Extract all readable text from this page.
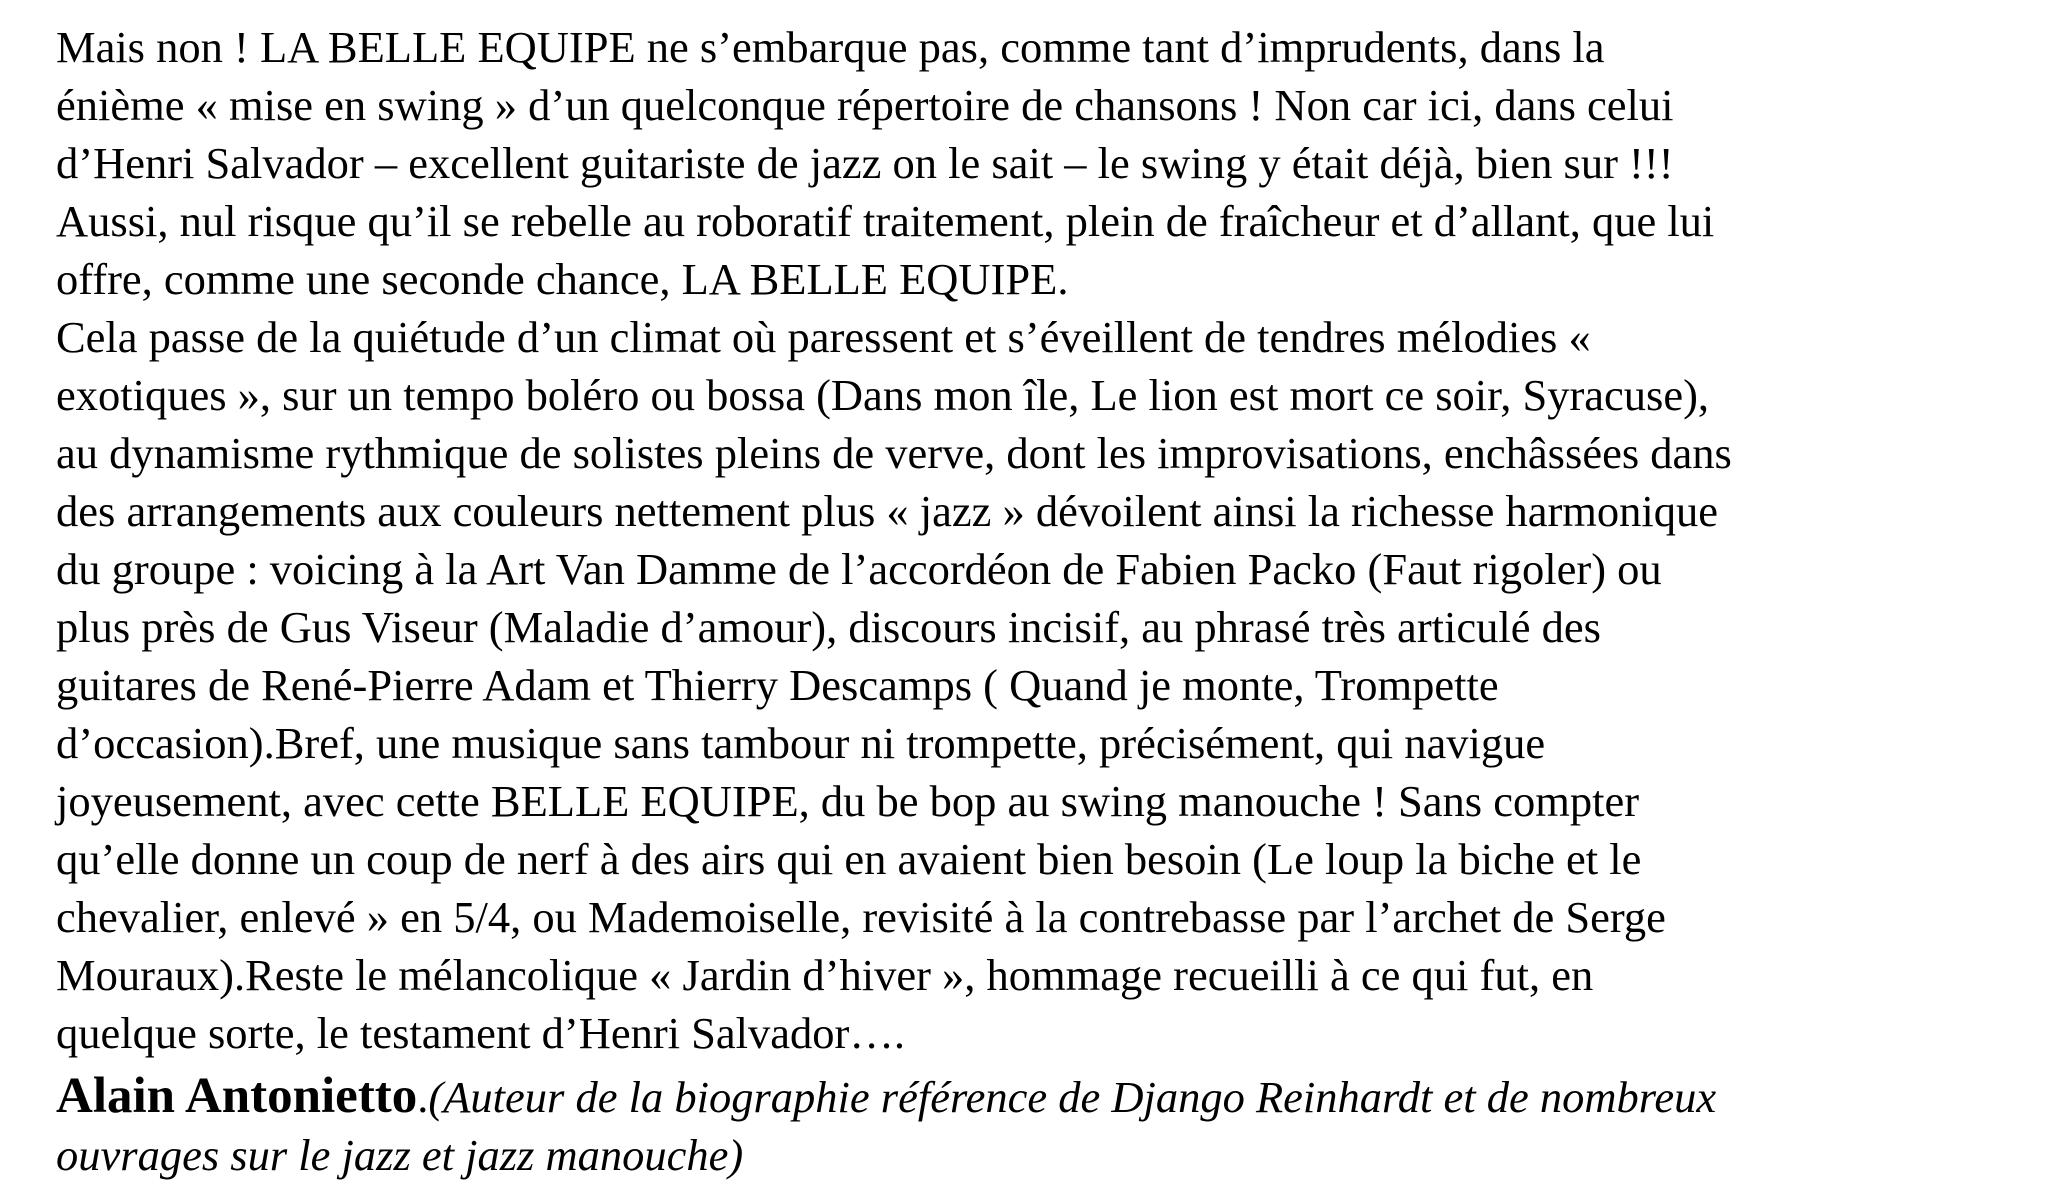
Mais non ! LA BELLE EQUIPE ne s’embarque pas, comme tant d’imprudents, dans la
énième « mise en swing » d’un quelconque répertoire de chansons ! Non car ici, dans celui
d’Henri Salvador – excellent guitariste de jazz on le sait – le swing y était déjà, bien sur !!!
Aussi, nul risque qu’il se rebelle au roboratif traitement, plein de fraîcheur et d’allant, que lui
offre, comme une seconde chance, LA BELLE EQUIPE.
Cela passe de la quiétude d’un climat où paressent et s’éveillent de tendres mélodies «
exotiques », sur un tempo boléro ou bossa (Dans mon île, Le lion est mort ce soir, Syracuse),
au dynamisme rythmique de solistes pleins de verve, dont les improvisations, enchâssées dans
des arrangements aux couleurs nettement plus « jazz » dévoilent ainsi la richesse harmonique
du groupe : voicing à la Art Van Damme de l’accordéon de Fabien Packo (Faut rigoler) ou
plus près de Gus Viseur (Maladie d’amour), discours incisif, au phrasé très articulé des
guitares de René-Pierre Adam et Thierry Descamps ( Quand je monte, Trompette
d’occasion).Bref, une musique sans tambour ni trompette, précisément, qui navigue
joyeusement, avec cette BELLE EQUIPE, du be bop au swing manouche ! Sans compter
qu’elle donne un coup de nerf à des airs qui en avaient bien besoin (Le loup la biche et le
chevalier, enlevé » en 5/4, ou Mademoiselle, revisité à la contrebasse par l’archet de Serge
Mouraux).Reste le mélancolique « Jardin d’hiver », hommage recueilli à ce qui fut, en
quelque sorte, le testament d’Henri Salvador….
Alain Antonietto.(Auteur de la biographie référence de Django Reinhardt et de nombreux
ouvrages sur le jazz et jazz manouche)
